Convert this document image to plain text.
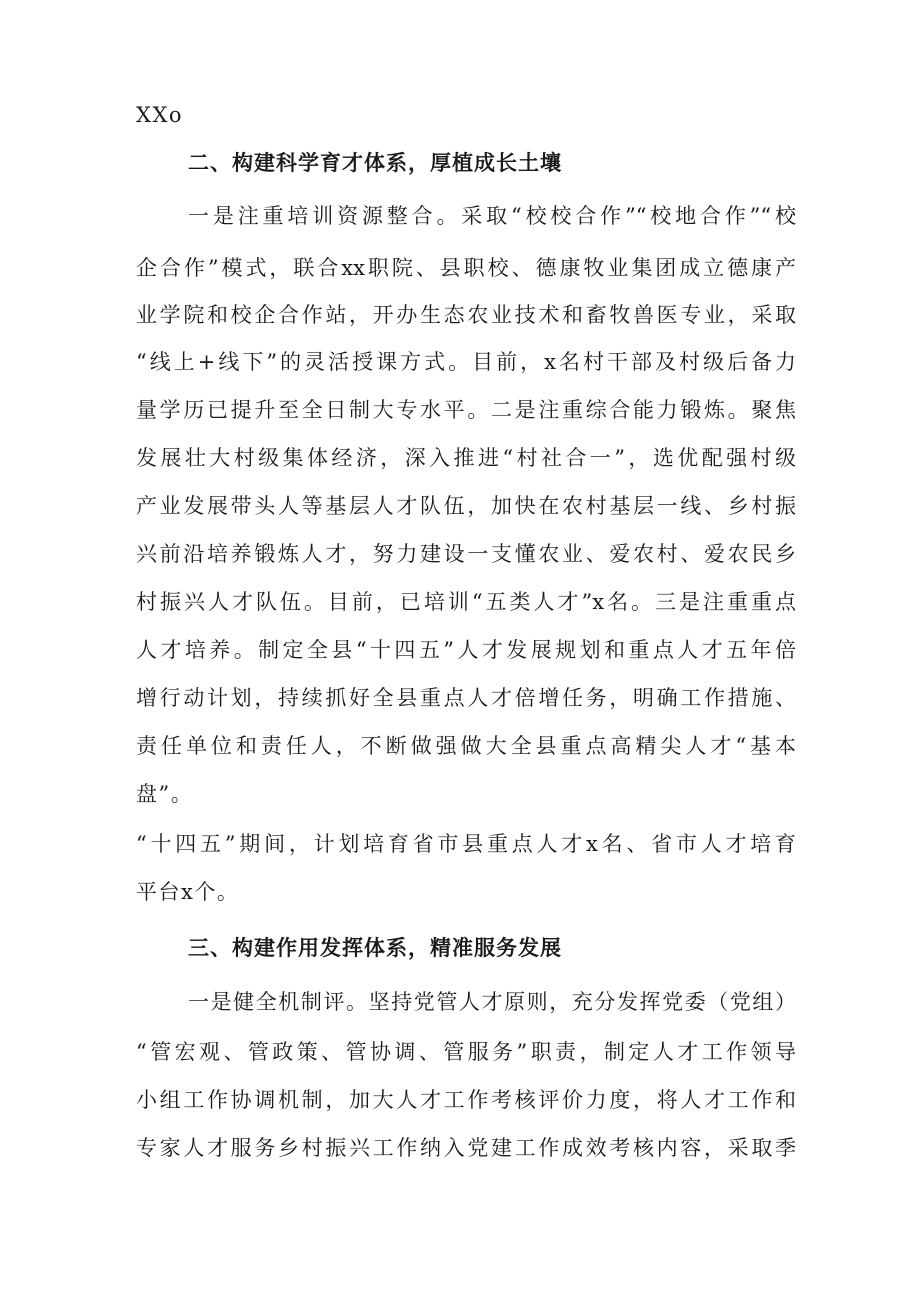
XXo
二、构建科学育才体系，厚植成长土壤
一是注重培训资源整合。采取“校校合作”“校地合作”“校
企合作”模式，联合xx职院、县职校、德康牧业集团成立德康产
业学院和校企合作站，开办生态农业技术和畜牧兽医专业，采取
“线上+线下”的灵活授课方式。目前，x名村干部及村级后备力
量学历已提升至全日制大专水平。二是注重综合能力锻炼。聚焦
发展壮大村级集体经济，深入推进“村社合一”，选优配强村级
产业发展带头人等基层人才队伍，加快在农村基层一线、乡村振
兴前沿培养锻炼人才，努力建设一支懂农业、爱农村、爱农民乡
村振兴人才队伍。目前，已培训“五类人才”x名。三是注重重点
人才培养。制定全县“十四五”人才发展规划和重点人才五年倍
增行动计划，持续抓好全县重点人才倍增任务，明确工作措施、
责任单位和责任人，不断做强做大全县重点高精尖人才“基本
盘”。
“十四五”期间，计划培育省市县重点人才x名、省市人才培育
平台x个。
三、构建作用发挥体系，精准服务发展
一是健全机制评。坚持党管人才原则，充分发挥党委（党组）
“管宏观、管政策、管协调、管服务”职责，制定人才工作领导
小组工作协调机制，加大人才工作考核评价力度，将人才工作和
专家人才服务乡村振兴工作纳入党建工作成效考核内容，采取季
